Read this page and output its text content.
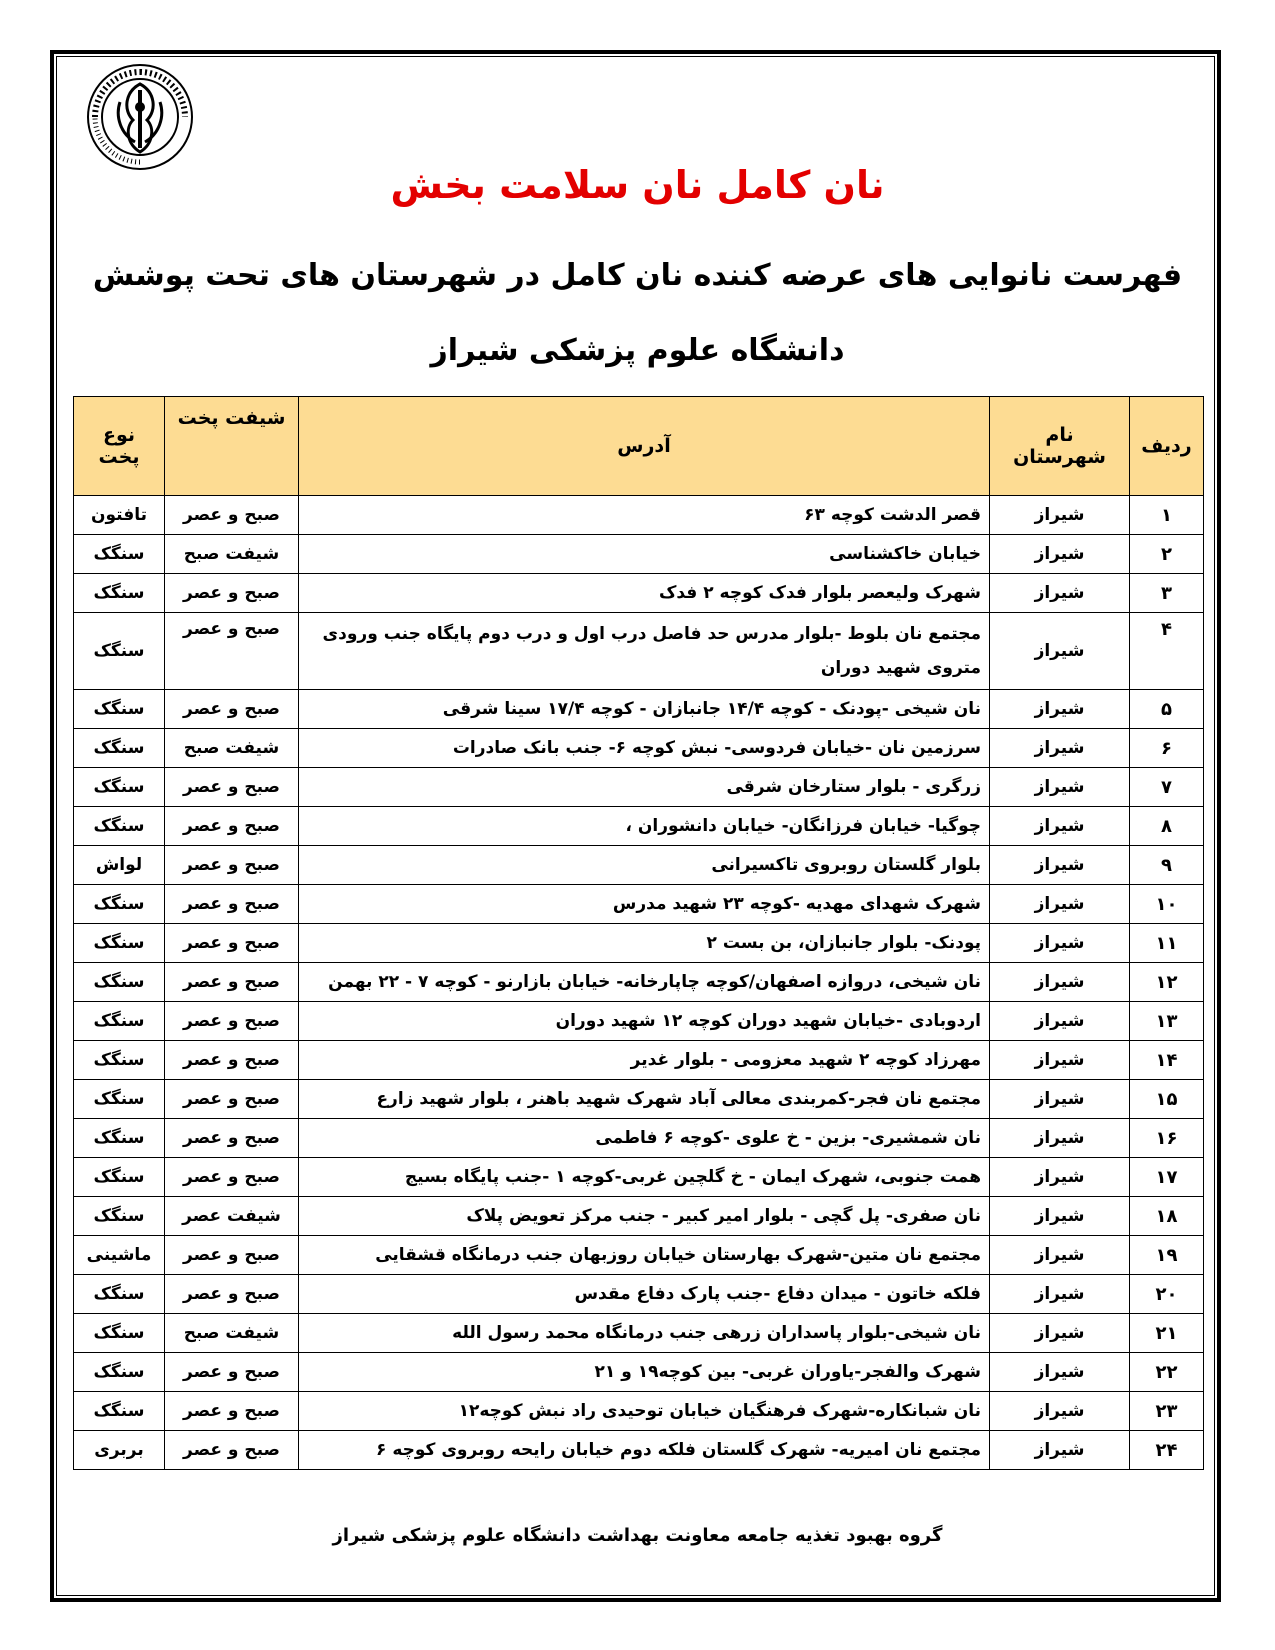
نان کامل نان سلامت بخش
فهرست نانوایی های عرضه کننده نان کامل در شهرستان های تحت پوشش
دانشگاه علوم پزشکی شیراز
ردیف	نام شهرستان	آدرس	شیفت پخت	نوع پخت
۱	شیراز	قصر الدشت کوچه ۶۳	صبح و عصر	تافتون
۲	شیراز	خیابان خاکشناسی	شیفت صبح	سنگک
۳	شیراز	شهرک ولیعصر بلوار فدک کوچه ۲ فدک	صبح و عصر	سنگک
۴	شیراز	مجتمع نان بلوط -بلوار مدرس حد فاصل درب اول و درب دوم پایگاه جنب ورودی متروی شهید دوران	صبح و عصر	سنگک
۵	شیراز	نان شیخی -پودنک - کوچه ۱۴/۴ جانبازان - کوچه ۱۷/۴ سینا شرقی	صبح و عصر	سنگک
۶	شیراز	سرزمین نان -خیابان فردوسی- نبش کوچه ۶- جنب بانک صادرات	شیفت صبح	سنگک
۷	شیراز	زرگری - بلوار ستارخان شرقی	صبح و عصر	سنگک
۸	شیراز	چوگیا- خیابان فرزانگان- خیابان دانشوران ،	صبح و عصر	سنگک
۹	شیراز	بلوار گلستان روبروی تاکسیرانی	صبح و عصر	لواش
۱۰	شیراز	شهرک شهدای مهدیه -کوچه ۲۳ شهید مدرس	صبح و عصر	سنگک
۱۱	شیراز	پودنک- بلوار جانبازان، بن بست ۲	صبح و عصر	سنگک
۱۲	شیراز	نان شیخی، دروازه اصفهان/کوچه چاپارخانه- خیابان بازارنو - کوچه ۷ - ۲۲ بهمن	صبح و عصر	سنگک
۱۳	شیراز	اردوبادی -خیابان شهید دوران کوچه ۱۲ شهید دوران	صبح و عصر	سنگک
۱۴	شیراز	مهرزاد کوچه ۲ شهید معزومی - بلوار غدیر	صبح و عصر	سنگک
۱۵	شیراز	مجتمع نان فجر-کمربندی معالی آباد شهرک شهید باهنر ، بلوار شهید زارع	صبح و عصر	سنگک
۱۶	شیراز	نان شمشیری- بزین - خ علوی -کوچه ۶ فاطمی	صبح و عصر	سنگک
۱۷	شیراز	همت جنوبی، شهرک ایمان - خ گلچین غربی-کوچه ۱ -جنب پایگاه بسیج	صبح و عصر	سنگک
۱۸	شیراز	نان صفری- پل گچی - بلوار امیر کبیر - جنب مرکز تعویض پلاک	شیفت عصر	سنگک
۱۹	شیراز	مجتمع نان متین-شهرک بهارستان خیابان روزبهان جنب درمانگاه قشقایی	صبح و عصر	ماشینی
۲۰	شیراز	فلکه خاتون - میدان دفاع -جنب پارک دفاع مقدس	صبح و عصر	سنگک
۲۱	شیراز	نان شیخی-بلوار پاسداران زرهی جنب درمانگاه محمد رسول الله	شیفت صبح	سنگک
۲۲	شیراز	شهرک والفجر-یاوران غربی- بین کوچه۱۹ و ۲۱	صبح و عصر	سنگک
۲۳	شیراز	نان شبانکاره-شهرک فرهنگیان خیابان توحیدی راد نبش کوچه۱۲	صبح و عصر	سنگک
۲۴	شیراز	مجتمع نان امیریه- شهرک گلستان فلکه دوم خیابان رایحه روبروی کوچه ۶	صبح و عصر	بربری
گروه بهبود تغذیه جامعه معاونت بهداشت دانشگاه علوم پزشکی شیراز
